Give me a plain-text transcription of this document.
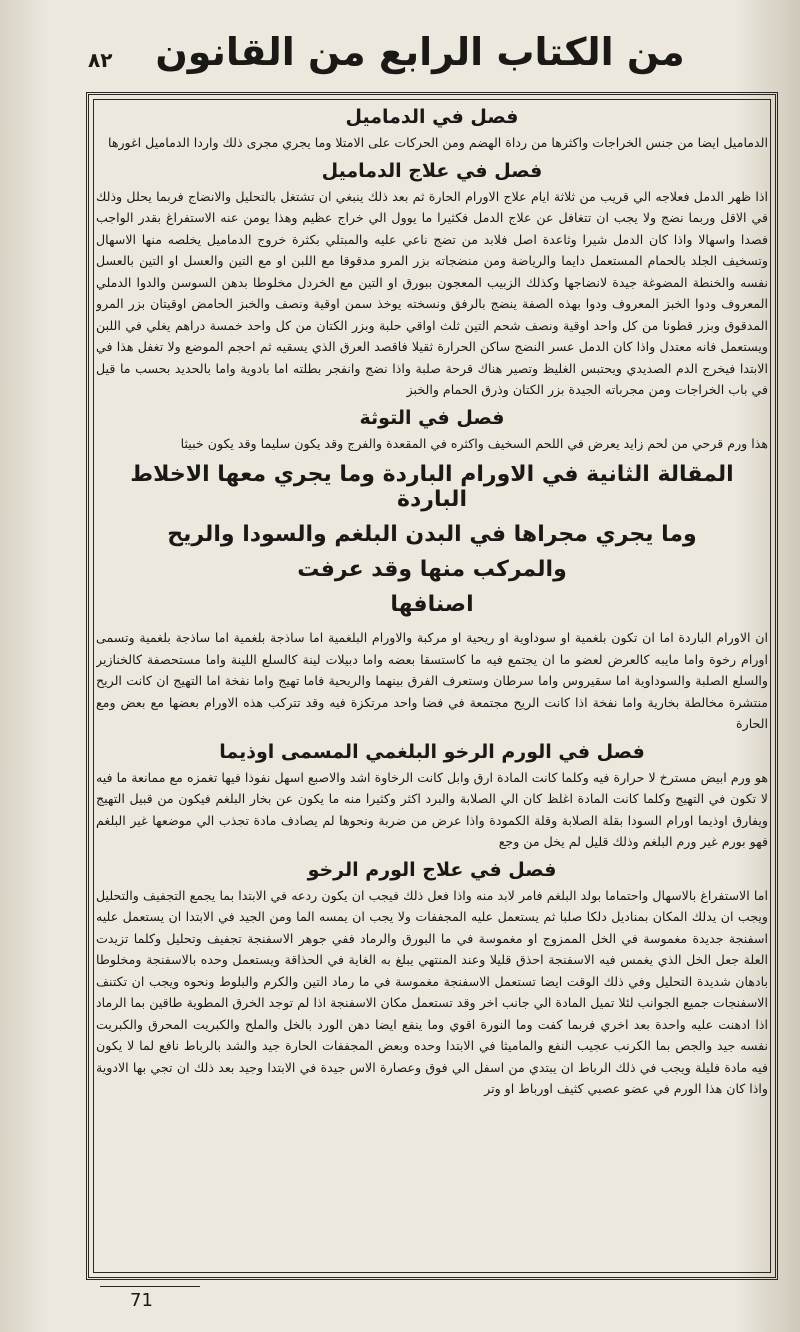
٨٢ من الكتاب الرابع من القانون
فصل في الدماميل

الدماميل ايضا من جنس الخراجات واكثرها من رداة الهضم ومن الحركات على الامتلا وما يجري مجرى ذلك واردا الدماميل اغورها

فصل في علاج الدماميل

اذا ظهر الدمل فعلاجه الي قريب من ثلاثة ايام علاج الاورام الحارة ثم بعد ذلك ينبغي ان تشتغل بالتحليل والانضاج فربما يحلل وذلك في الاقل وربما نضج ولا يجب ان تتغافل عن علاج الدمل فكثيرا ما يوول الي خراج عظيم وهذا يومن عنه الاستفراغ بقدر الواجب فصدا واسهالا واذا كان الدمل شيرا وثاعدة اصل فلابد من تضج ناعي عليه والمبتلي بكثرة خروج الدماميل يخلصه منها الاسهال وتسخيف الجلد بالحمام المستعمل دايما والرياضة ومن منضجاته بزر المرو مدقوقا مع اللبن او مع التين والعسل او التين بالعسل نفسه والخنطة المضوغة جيدة لانضاجها وكذلك الزبيب المعجون ببورق او التين مع الخردل مخلوطا بدهن السوسن والدوا الدملي المعروف ودوا الخبز المعروف ودوا بهذه الصفة ينضج بالرفق ونسخته يوخذ سمن اوقية ونصف والخبز الحامض اوقيتان بزر المرو المدقوق وبزر قطونا من كل واحد اوقية ونصف شحم التين ثلث اواقي حلبة وبزر الكتان من كل واحد خمسة دراهم يغلي في اللبن ويستعمل فانه معتدل واذا كان الدمل عسر النضج ساكن الحرارة ثقيلا فاقصد العرق الذي يسقيه ثم احجم الموضع ولا تغفل هذا في الابتدا فيخرج الدم الصديدي ويحتبس الغليظ وتصير هناك قرحة صلبة واذا نضج وانفجر بطلته اما بادوية واما بالحديد بحسب ما قيل في باب الخراجات ومن مجرباته الجيدة بزر الكتان وذرق الحمام والخبز

فصل في التوثة

هذا ورم قرحي من لحم زايد يعرض في اللحم السخيف واكثره في المقعدة والفرج وقد يكون سليما وقد يكون خبيثا

المقالة الثانية في الاورام الباردة وما يجري معها الاخلاط الباردة
وما يجري مجراها في البدن البلغم والسودا والريح
والمركب منها وقد عرفت
اصنافها

ان الاورام الباردة اما ان تكون بلغمية او سوداوية او ريحية او مركبة والاورام البلغمية اما ساذجة بلغمية اما ساذجة بلغمية وتسمى اورام رخوة واما مايبه كالعرض لعضو ما ان يجتمع فيه ما كاستسقا بعضه واما دبيلات لينة كالسلع اللينة واما مستحصفة كالخنازير والسلع الصلبة والسوداوية اما سقيروس واما سرطان وستعرف الفرق بينهما والريحية فاما تهيج واما نفخة اما التهيج ان كانت الريح منتشرة مخالطة بخارية واما نفخة اذا كانت الريح مجتمعة في فضا واحد مرتكزة فيه وقد تتركب هذه الاورام بعضها مع بعض ومع الحارة

فصل في الورم الرخو البلغمي المسمى اوذيما

هو ورم ابيض مسترخ لا حرارة فيه وكلما كانت المادة ارق وابل كانت الرخاوة اشد والاصبع اسهل نفوذا فيها تغمزه مع ممانعة ما فيه لا تكون في التهيج وكلما كانت المادة اغلظ كان الي الصلابة والبرد اكثر وكثيرا منه ما يكون عن بخار البلغم فيكون من قبيل التهيج ويفارق اوذيما اورام السودا بقلة الصلابة وقلة الكمودة واذا عرض من ضربة ونحوها لم يصادف مادة تجذب الي موضعها غير البلغم فهو بورم غير ورم البلغم وذلك قليل لم يخل من وجع

فصل في علاج الورم الرخو

اما الاستفراغ بالاسهال واحتماما بولد البلغم فامر لابد منه واذا فعل ذلك فيجب ان يكون ردعه في الابتدا بما يجمع التجفيف والتحليل ويجب ان يدلك المكان بمناديل دلكا صلبا ثم يستعمل عليه المجففات ولا يجب ان يمسه الما ومن الجيد في الابتدا ان يستعمل عليه اسفنجة جديدة مغموسة في الخل الممزوج او مغموسة في ما البورق والرماد ففي جوهر الاسفنجة تجفيف وتحليل وكلما تزيدت العلة جعل الخل الذي يغمس فيه الاسفنجة احذق قليلا وعند المنتهي يبلغ به الغاية في الحذاقة ويستعمل وحده بالاسفنجة ومخلوطا بادهان شديدة التحليل وفي ذلك الوقت ايضا تستعمل الاسفنجة مغموسة في ما رماد التين والكرم والبلوط ونحوه ويجب ان تكتنف الاسفنجات جميع الجوانب لئلا تميل المادة الي جانب اخر وقد تستعمل مكان الاسفنجة اذا لم توجد الخرق المطوية طاقين بما الرماد اذا ادهنت عليه واحدة بعد اخري فربما كفت وما النورة اقوي وما ينفع ايضا دهن الورد بالخل والملح والكبريت المحرق والكبريت نفسه جيد والجص بما الكرنب عجيب النفع والماميثا في الابتدا وحده وبعض المجففات الحارة جيد والشد بالرباط نافع لما لا يكون فيه مادة فليلة ويجب في ذلك الرباط ان يبتدي من اسفل الي فوق وعصارة الاس جيدة في الابتدا وجيد بعد ذلك ان تجي بها الادوية واذا كان هذا الورم في عضو عصبي كثيف اورباط او وتر

71
